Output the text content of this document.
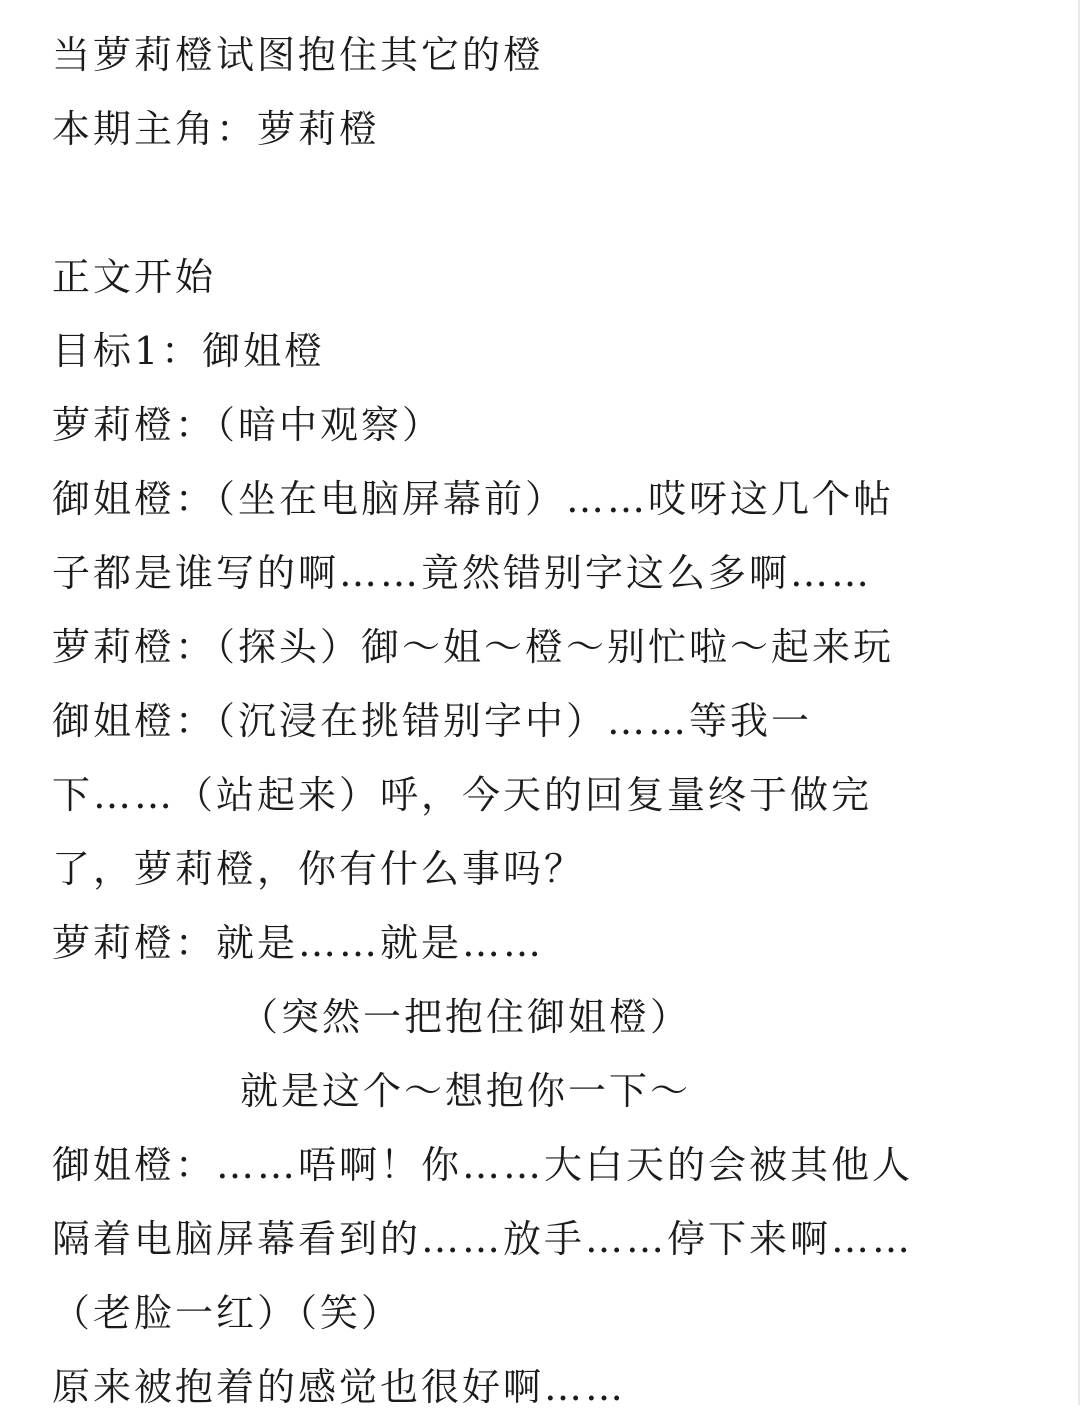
当萝莉橙试图抱住其它的橙
本期主角：萝莉橙
正文开始
目标1：御姐橙
萝莉橙：（暗中观察）
御姐橙：（坐在电脑屏幕前）……哎呀这几个帖
子都是谁写的啊……竟然错别字这么多啊……
萝莉橙：（探头）御～姐～橙～别忙啦～起来玩
御姐橙：（沉浸在挑错别字中）……等我一
下……（站起来）呼，今天的回复量终于做完
了，萝莉橙，你有什么事吗？
萝莉橙：就是……就是……
（突然一把抱住御姐橙）
就是这个～想抱你一下～
御姐橙：……唔啊！你……大白天的会被其他人
隔着电脑屏幕看到的……放手……停下来啊……
（老脸一红）（笑）
原来被抱着的感觉也很好啊……
